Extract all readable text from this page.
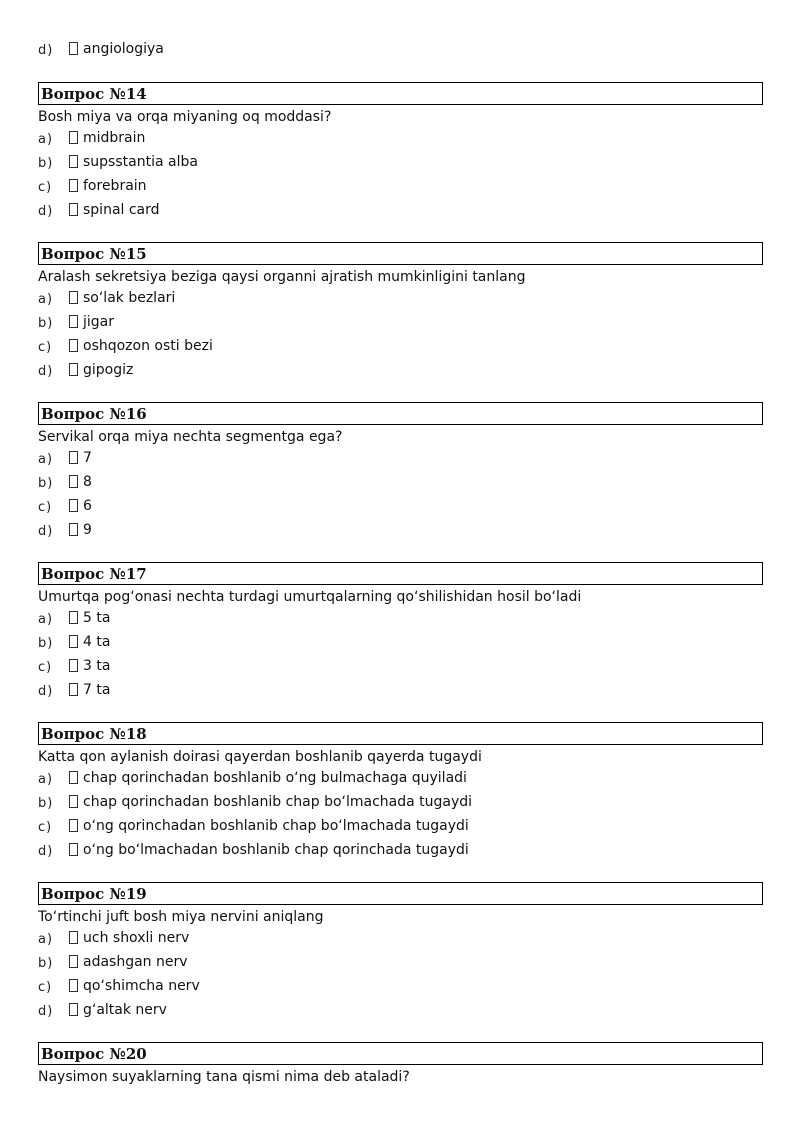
d) angiologiya
Вопрос №14
Bosh miya va orqa miyaning oq moddasi?
a) midbrain
b) supsstantia alba
c) forebrain
d) spinal card
Вопрос №15
Aralash sekretsiya beziga qaysi organni ajratish mumkinligini tanlang
a) so‘lak bezlari
b) jigar
c) oshqozon osti bezi
d) gipogiz
Вопрос №16
Servikal orqa miya nechta segmentga ega?
a) 7
b) 8
c) 6
d) 9
Вопрос №17
Umurtqa pog‘onasi nechta turdagi umurtqalarning qo‘shilishidan hosil bo‘ladi
a) 5 ta
b) 4 ta
c) 3 ta
d) 7 ta
Вопрос №18
Katta qon aylanish doirasi qayerdan boshlanib qayerda tugaydi
a) chap qorinchadan boshlanib o‘ng bulmachaga quyiladi
b) chap qorinchadan boshlanib chap bo‘lmachada tugaydi
c) o‘ng qorinchadan boshlanib chap bo‘lmachada tugaydi
d) o‘ng bo‘lmachadan boshlanib chap qorinchada tugaydi
Вопрос №19
To‘rtinchi juft bosh miya nervini aniqlang
a) uch shoxli nerv
b) adashgan nerv
c) qo‘shimcha nerv
d) g‘altak nerv
Вопрос №20
Naysimon suyaklarning tana qismi nima deb ataladi?
